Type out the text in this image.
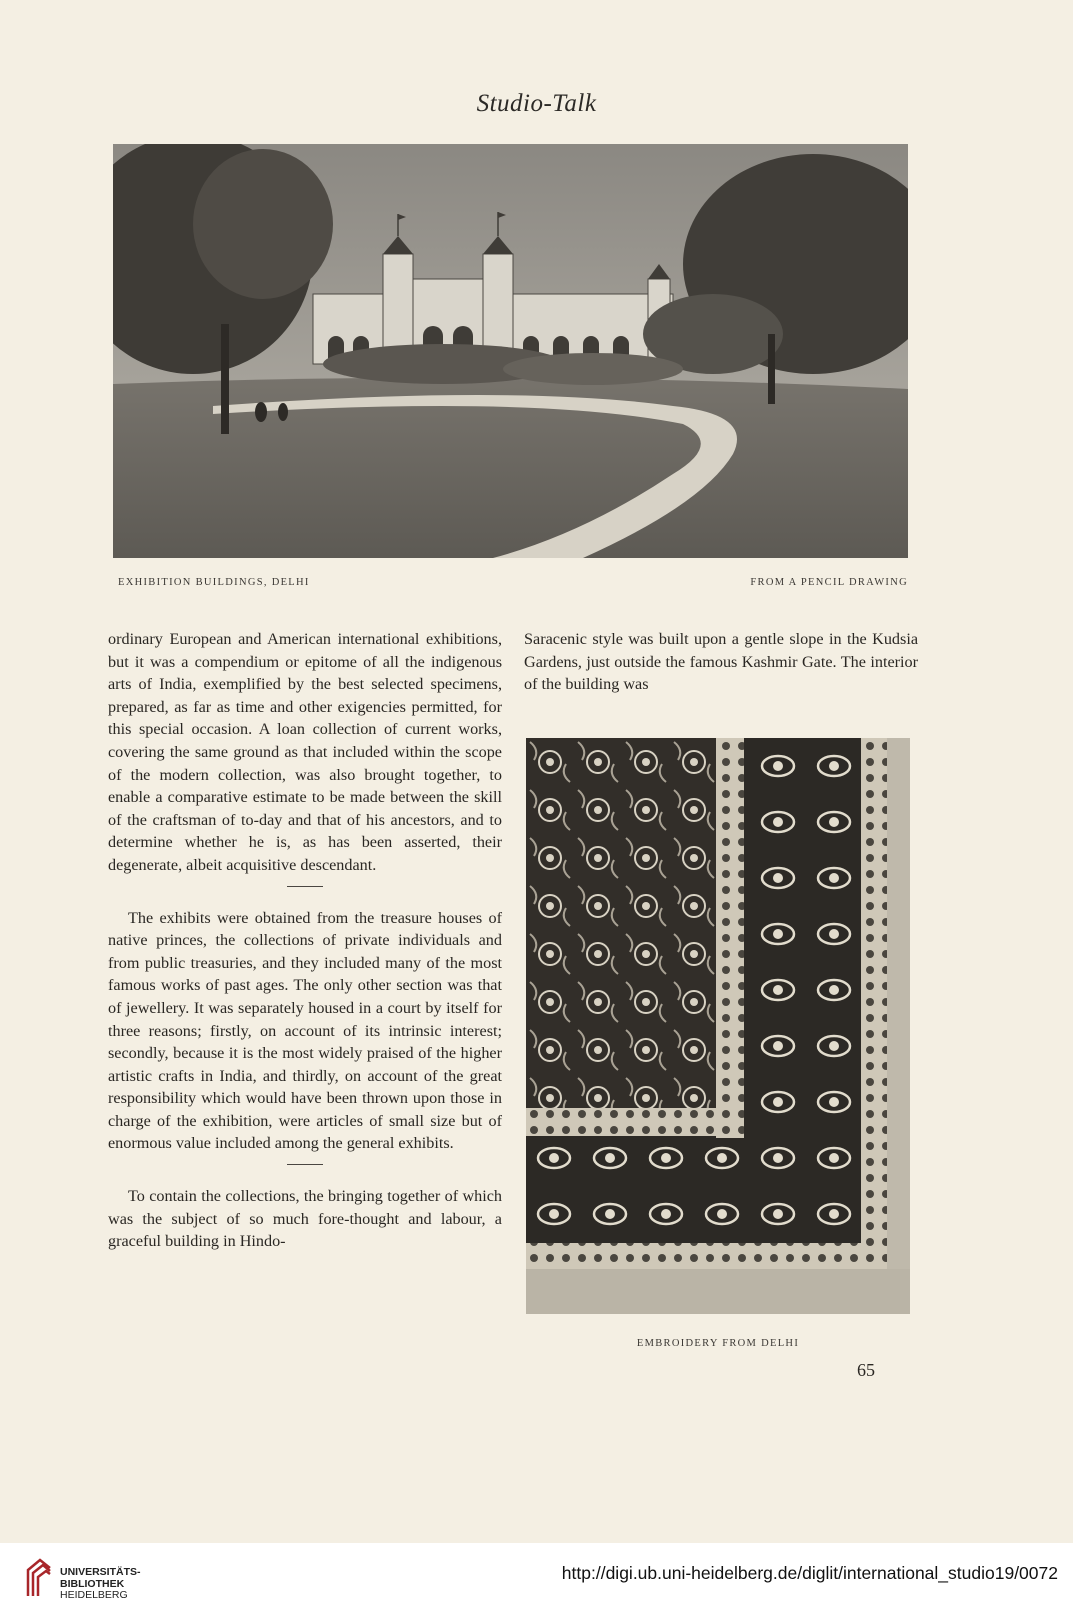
Studio-Talk
EXHIBITION BUILDINGS, DELHI	FROM A PENCIL DRAWING

ordinary European and American international exhibitions, but it was a compendium or epitome of all the indigenous arts of India, exemplified by the best selected specimens, prepared, as far as time and other exigencies permitted, for this special occasion. A loan collection of current works, covering the same ground as that included within the scope of the modern collection, was also brought together, to enable a comparative estimate to be made between the skill of the craftsman of to-day and that of his ancestors, and to determine whether he is, as has been asserted, their degenerate, albeit acquisitive descendant.

The exhibits were obtained from the treasure houses of native princes, the collections of private individuals and from public treasuries, and they included many of the most famous works of past ages. The only other section was that of jewellery. It was separately housed in a court by itself for three reasons; firstly, on account of its intrinsic interest; secondly, because it is the most widely praised of the higher artistic crafts in India, and thirdly, on account of the great responsibility which would have been thrown upon those in charge of the exhibition, were articles of small size but of enormous value included among the general exhibits.

To contain the collections, the bringing together of which was the subject of so much fore-thought and labour, a graceful building in Hindo-

Saracenic style was built upon a gentle slope in the Kudsia Gardens, just outside the famous Kashmir Gate. The interior of the building was

EMBROIDERY FROM DELHI
65
UNIVERSITÄTS-
BIBLIOTHEK
HEIDELBERG
http://digi.ub.uni-heidelberg.de/diglit/international_studio19/0072
